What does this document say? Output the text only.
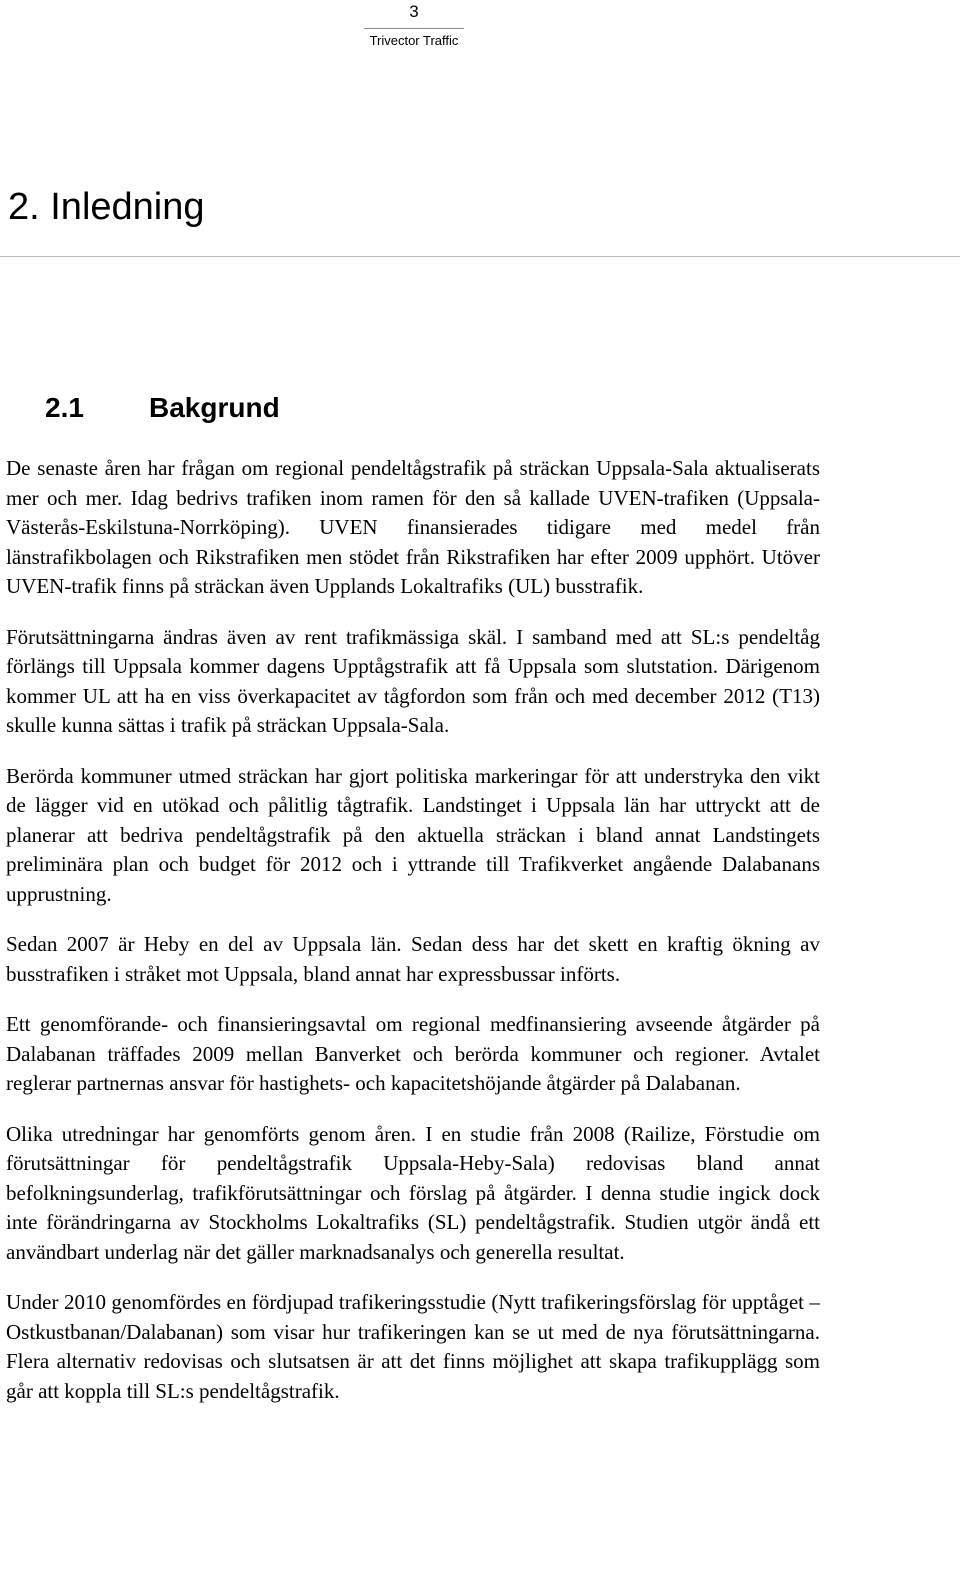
3
Trivector Traffic
2. Inledning
2.1 Bakgrund

De senaste åren har frågan om regional pendeltågstrafik på sträckan Uppsala-Sala aktualiserats mer och mer. Idag bedrivs trafiken inom ramen för den så kallade UVEN-trafiken (Uppsala-Västerås-Eskilstuna-Norrköping). UVEN finansierades tidigare med medel från länstrafikbolagen och Rikstrafiken men stödet från Rikstrafiken har efter 2009 upphört. Utöver UVEN-trafik finns på sträckan även Upplands Lokaltrafiks (UL) busstrafik.

Förutsättningarna ändras även av rent trafikmässiga skäl. I samband med att SL:s pendeltåg förlängs till Uppsala kommer dagens Upptågstrafik att få Uppsala som slutstation. Därigenom kommer UL att ha en viss överkapacitet av tågfordon som från och med december 2012 (T13) skulle kunna sättas i trafik på sträckan Uppsala-Sala.

Berörda kommuner utmed sträckan har gjort politiska markeringar för att understryka den vikt de lägger vid en utökad och pålitlig tågtrafik. Landstinget i Uppsala län har uttryckt att de planerar att bedriva pendeltågstrafik på den aktuella sträckan i bland annat Landstingets preliminära plan och budget för 2012 och i yttrande till Trafikverket angående Dalabanans upprustning.

Sedan 2007 är Heby en del av Uppsala län. Sedan dess har det skett en kraftig ökning av busstrafiken i stråket mot Uppsala, bland annat har expressbussar införts.

Ett genomförande- och finansieringsavtal om regional medfinansiering avseende åtgärder på Dalabanan träffades 2009 mellan Banverket och berörda kommuner och regioner. Avtalet reglerar partnernas ansvar för hastighets- och kapacitetshöjande åtgärder på Dalabanan.

Olika utredningar har genomförts genom åren. I en studie från 2008 (Railize, Förstudie om förutsättningar för pendeltågstrafik Uppsala-Heby-Sala) redovisas bland annat befolkningsunderlag, trafikförutsättningar och förslag på åtgärder. I denna studie ingick dock inte förändringarna av Stockholms Lokaltrafiks (SL) pendeltågstrafik. Studien utgör ändå ett användbart underlag när det gäller marknadsanalys och generella resultat.

Under 2010 genomfördes en fördjupad trafikeringsstudie (Nytt trafikeringsförslag för upptåget – Ostkustbanan/Dalabanan) som visar hur trafikeringen kan se ut med de nya förutsättningarna. Flera alternativ redovisas och slutsatsen är att det finns möjlighet att skapa trafikupplägg som går att koppla till SL:s pendeltågstrafik.
